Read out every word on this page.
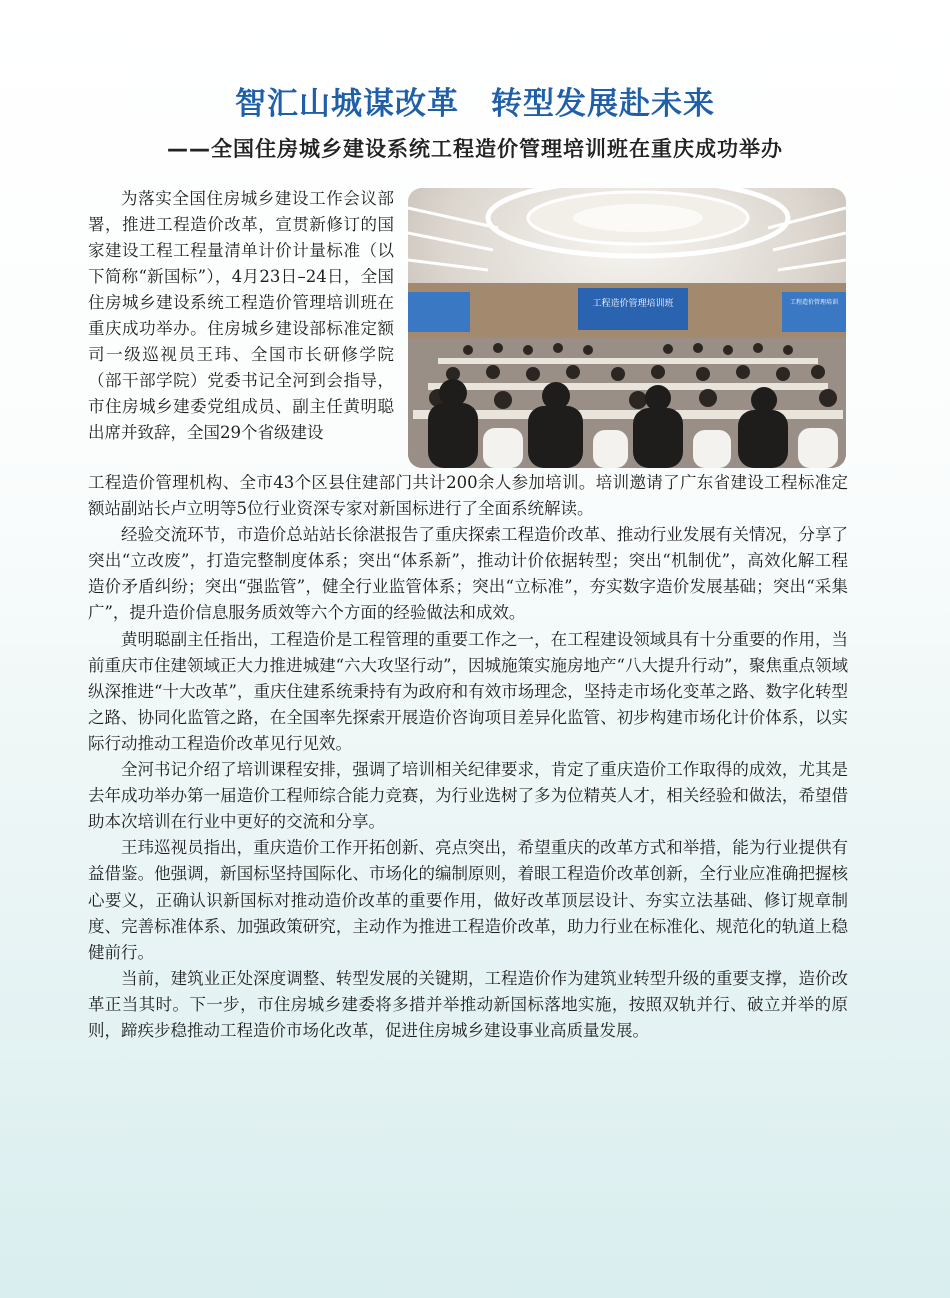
智汇山城谋改革　转型发展赴未来
——全国住房城乡建设系统工程造价管理培训班在重庆成功举办
工程造价管理培训班	工程造价管理培训

为落实全国住房城乡建设工作会议部署，推进工程造价改革，宣贯新修订的国家建设工程工程量清单计价计量标准（以下简称“新国标”），4月23日–24日，全国住房城乡建设系统工程造价管理培训班在重庆成功举办。住房城乡建设部标准定额司一级巡视员王玮、全国市长研修学院（部干部学院）党委书记全河到会指导，市住房城乡建委党组成员、副主任黄明聪出席并致辞，全国29个省级建设

工程造价管理机构、全市43个区县住建部门共计200余人参加培训。培训邀请了广东省建设工程标准定额站副站长卢立明等5位行业资深专家对新国标进行了全面系统解读。

经验交流环节，市造价总站站长徐湛报告了重庆探索工程造价改革、推动行业发展有关情况，分享了突出“立改废”，打造完整制度体系；突出“体系新”，推动计价依据转型；突出“机制优”，高效化解工程造价矛盾纠纷；突出“强监管”，健全行业监管体系；突出“立标准”，夯实数字造价发展基础；突出“采集广”，提升造价信息服务质效等六个方面的经验做法和成效。

黄明聪副主任指出，工程造价是工程管理的重要工作之一，在工程建设领域具有十分重要的作用，当前重庆市住建领域正大力推进城建“六大攻坚行动”，因城施策实施房地产“八大提升行动”，聚焦重点领域纵深推进“十大改革”，重庆住建系统秉持有为政府和有效市场理念，坚持走市场化变革之路、数字化转型之路、协同化监管之路，在全国率先探索开展造价咨询项目差异化监管、初步构建市场化计价体系，以实际行动推动工程造价改革见行见效。

全河书记介绍了培训课程安排，强调了培训相关纪律要求，肯定了重庆造价工作取得的成效，尤其是去年成功举办第一届造价工程师综合能力竞赛，为行业选树了多为位精英人才，相关经验和做法，希望借助本次培训在行业中更好的交流和分享。

王玮巡视员指出，重庆造价工作开拓创新、亮点突出，希望重庆的改革方式和举措，能为行业提供有益借鉴。他强调，新国标坚持国际化、市场化的编制原则，着眼工程造价改革创新，全行业应准确把握核心要义，正确认识新国标对推动造价改革的重要作用，做好改革顶层设计、夯实立法基础、修订规章制度、完善标准体系、加强政策研究，主动作为推进工程造价改革，助力行业在标准化、规范化的轨道上稳健前行。

当前，建筑业正处深度调整、转型发展的关键期，工程造价作为建筑业转型升级的重要支撑，造价改革正当其时。下一步，市住房城乡建委将多措并举推动新国标落地实施，按照双轨并行、破立并举的原则，蹄疾步稳推动工程造价市场化改革，促进住房城乡建设事业高质量发展。
